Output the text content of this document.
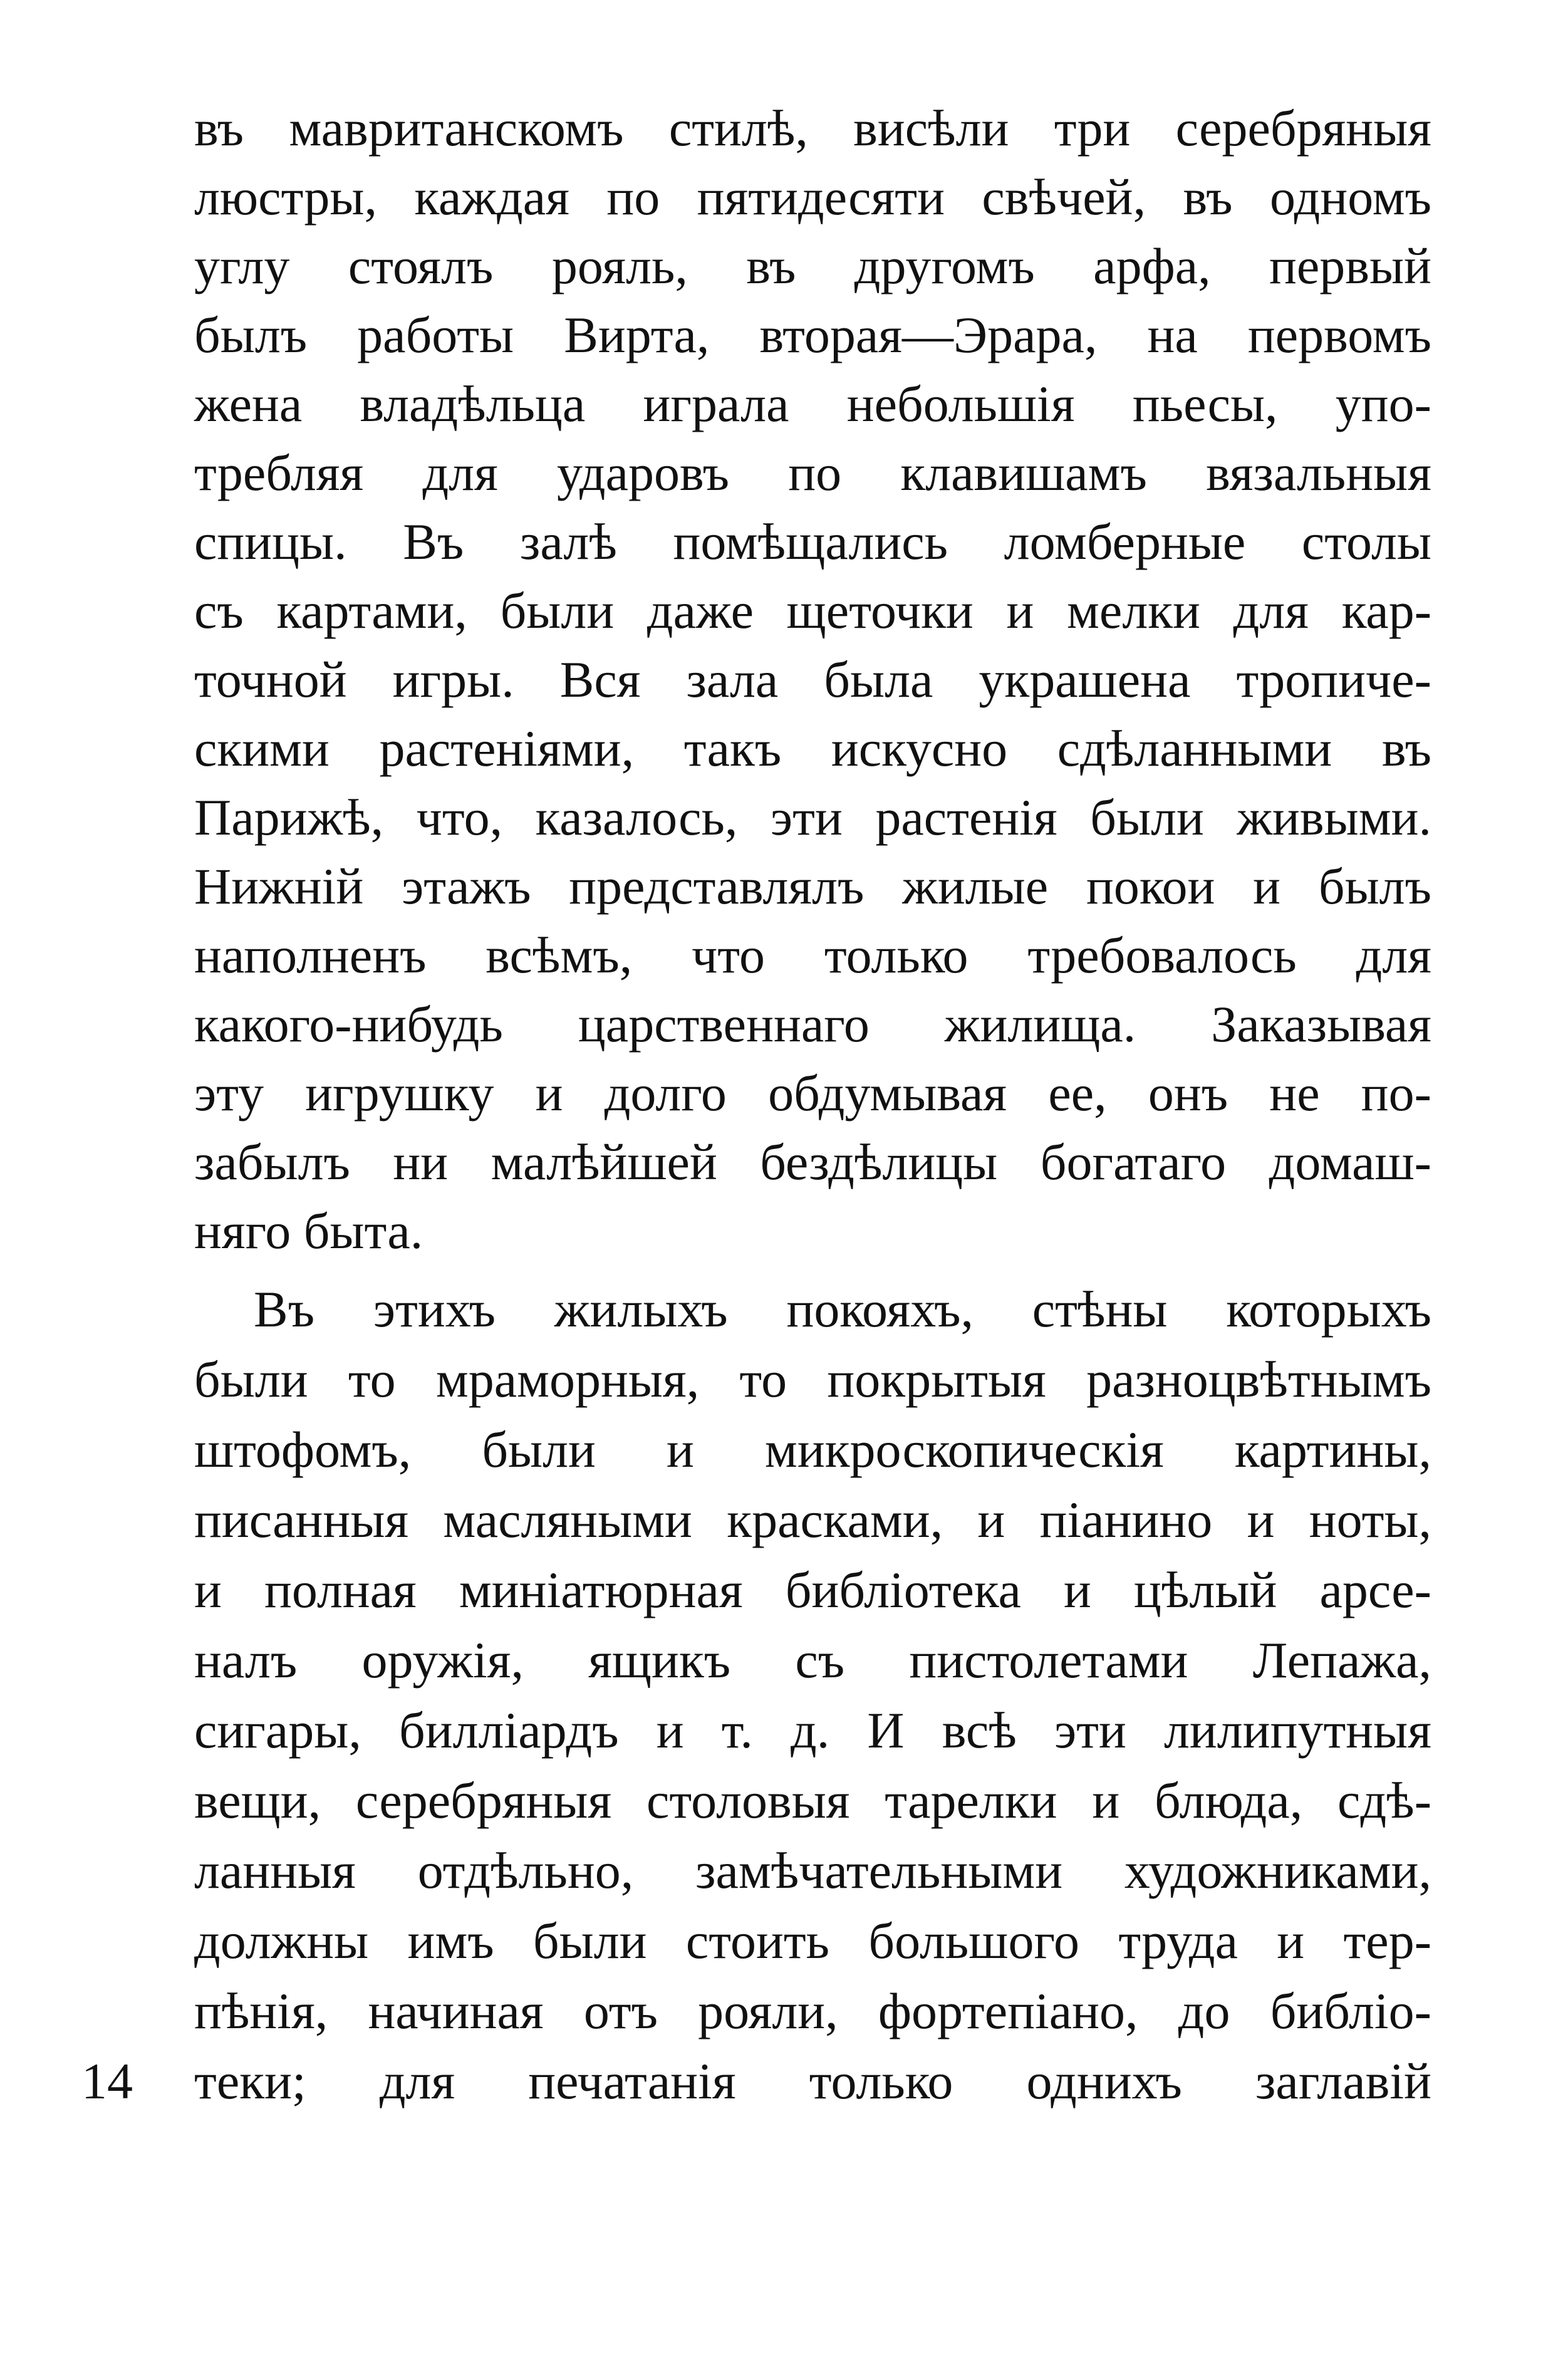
въ мавританскомъ стилѣ, висѣли три серебряныя
люстры, каждая по пятидесяти свѣчей, въ одномъ
углу стоялъ рояль, въ другомъ арфа, первый
былъ работы Вирта, вторая—Эрара, на первомъ
жена владѣльца играла небольшія пьесы, упо-
требляя для ударовъ по клавишамъ вязальныя
спицы. Въ залѣ помѣщались ломберные столы
съ картами, были даже щеточки и мелки для кар-
точной игры. Вся зала была украшена тропиче-
скими растеніями, такъ искусно сдѣланными въ
Парижѣ, что, казалось, эти растенія были живыми.
Нижній этажъ представлялъ жилые покои и былъ
наполненъ всѣмъ, что только требовалось для
какого-нибудь царственнаго жилища. Заказывая
эту игрушку и долго обдумывая ее, онъ не по-
забылъ ни малѣйшей бездѣлицы богатаго домаш-
няго быта.
Въ этихъ жилыхъ покояхъ, стѣны которыхъ
были то мраморныя, то покрытыя разноцвѣтнымъ
штофомъ, были и микроскопическія картины,
писанныя масляными красками, и піанино и ноты,
и полная миніатюрная библіотека и цѣлый арсе-
налъ оружія, ящикъ съ пистолетами Лепажа,
сигары, билліардъ и т. д. И всѣ эти лилипутныя
вещи, серебряныя столовыя тарелки и блюда, сдѣ-
ланныя отдѣльно, замѣчательными художниками,
должны имъ были стоить большого труда и тер-
пѣнія, начиная отъ рояли, фортепіано, до библіо-
теки; для печатанія только однихъ заглавій
14
